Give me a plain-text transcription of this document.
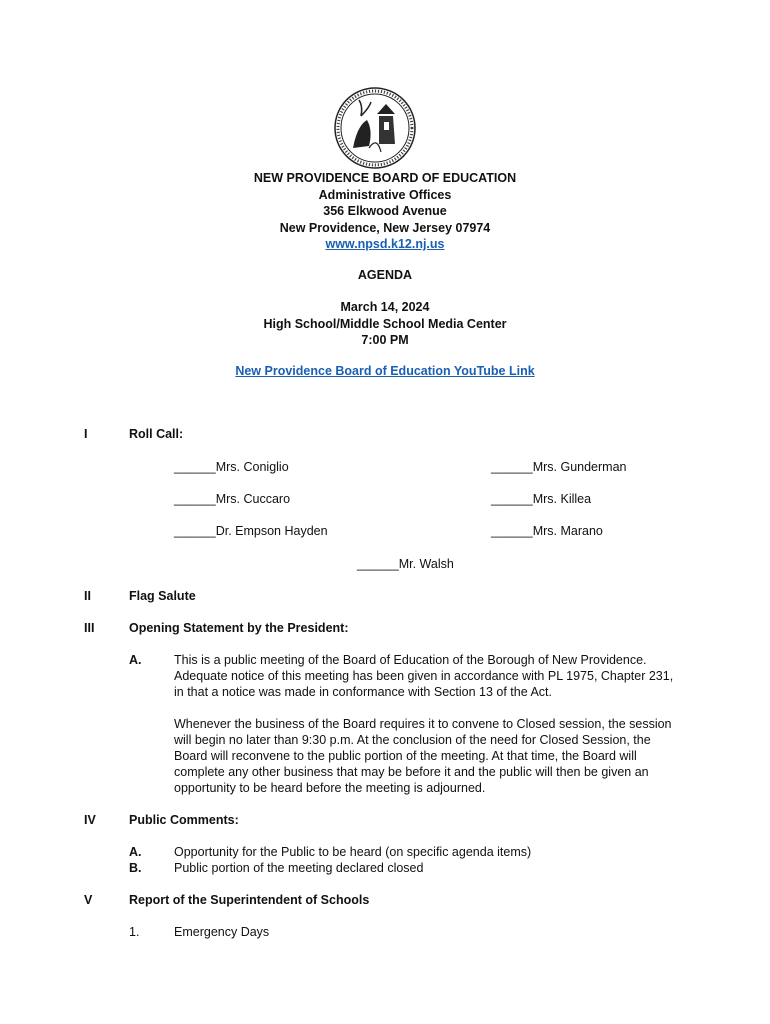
NEW PROVIDENCE BOARD OF EDUCATION
Administrative Offices
356 Elkwood Avenue
New Providence, New Jersey 07974
www.npsd.k12.nj.us
AGENDA
March 14, 2024
High School/Middle School Media Center
7:00 PM
New Providence Board of Education YouTube Link
I	Roll Call:
______Mrs. Coniglio	______Mrs. Gunderman
______Mrs. Cuccaro	______Mrs. Killea
______Dr. Empson Hayden	______Mrs. Marano
______Mr. Walsh
II	Flag Salute
III	Opening Statement by the President:
A.	This is a public meeting of the Board of Education of the Borough of New Providence. Adequate notice of this meeting has been given in accordance with PL 1975, Chapter 231, in that a notice was made in conformance with Section 13 of the Act.
Whenever the business of the Board requires it to convene to Closed session, the session will begin no later than 9:30 p.m. At the conclusion of the need for Closed Session, the Board will reconvene to the public portion of the meeting. At that time, the Board will complete any other business that may be before it and the public will then be given an opportunity to be heard before the meeting is adjourned.
IV	Public Comments:
A.	Opportunity for the Public to be heard (on specific agenda items)
B.	Public portion of the meeting declared closed
V	Report of the Superintendent of Schools
1.	Emergency Days
